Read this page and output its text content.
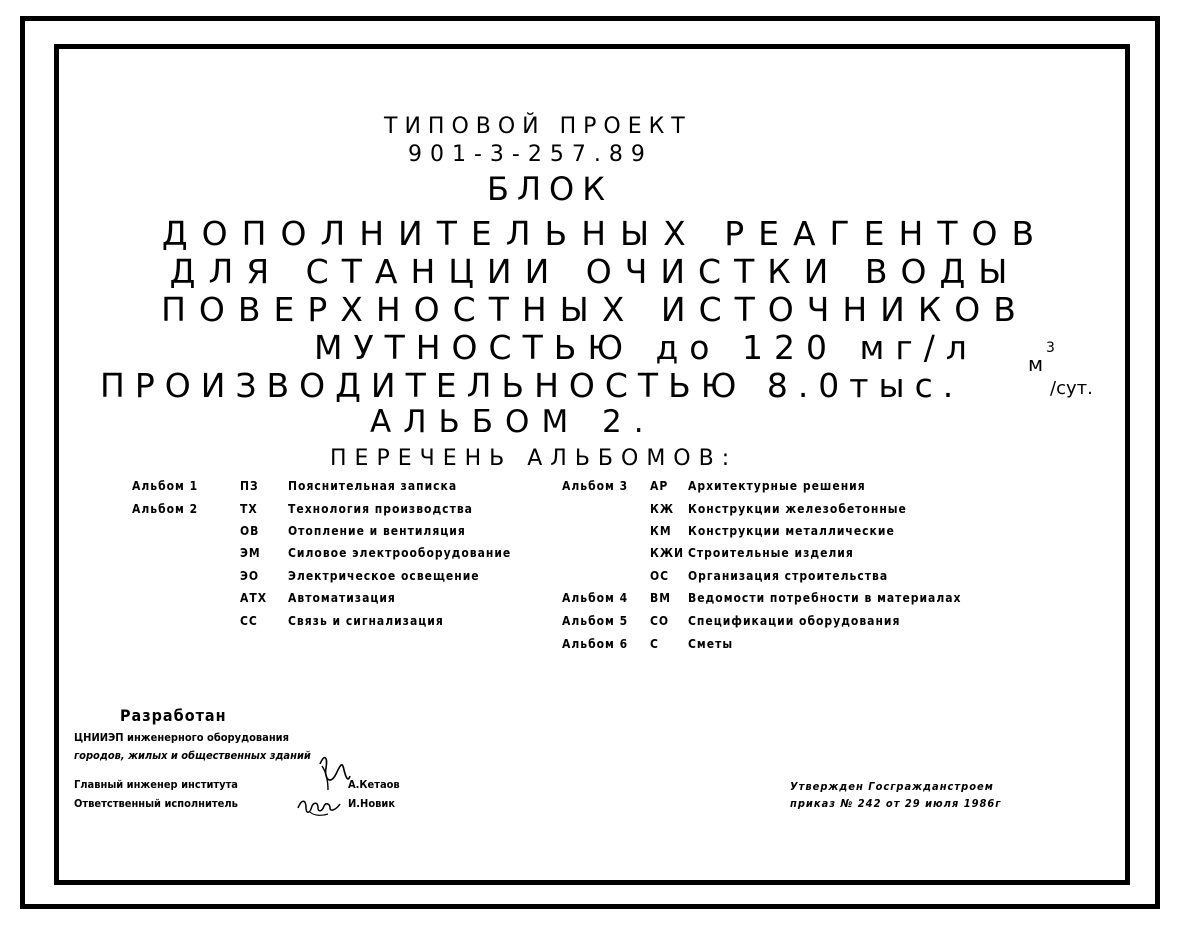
ТИПОВОЙ ПРОЕКТ
901-3-257.89
БЛОК
ДОПОЛНИТЕЛЬНЫХ РЕАГЕНТОВ
ДЛЯ СТАНЦИИ ОЧИСТКИ ВОДЫ
ПОВЕРХНОСТНЫХ ИСТОЧНИКОВ
МУТНОСТЬЮ до 120 мг/л
ПРОИЗВОДИТЕЛЬНОСТЬЮ 8.0тыс.
м
3
/сут.
АЛЬБОМ 2.
ПЕРЕЧЕНЬ АЛЬБОМОВ:
Альбом 1	ПЗ Пояснительная записка
Альбом 2	ТХ	Технология производства
ОВ Отопление и вентиляция
ЭМ Силовое электрооборудование
ЭО Электрическое освещение
АТХ Автоматизация
СС	Связь и сигнализация
Альбом 3 АР Архитектурные решения
КЖ Конструкции железобетонные
КМ Конструкции металлические
КЖИ Строительные изделия
ОС Организация строительства
Альбом 4 ВМ Ведомости потребности в материалах
Альбом 5 СО Спецификации оборудования
Альбом 6 С Сметы
Разработан
ЦНИИЭП инженерного оборудования
городов, жилых и общественных зданий
Главный инженер института
Ответственный исполнитель
А.Кетаов
И.Новик
Утвержден Госгражданстроем
приказ № 242 от 29 июля 1986г
